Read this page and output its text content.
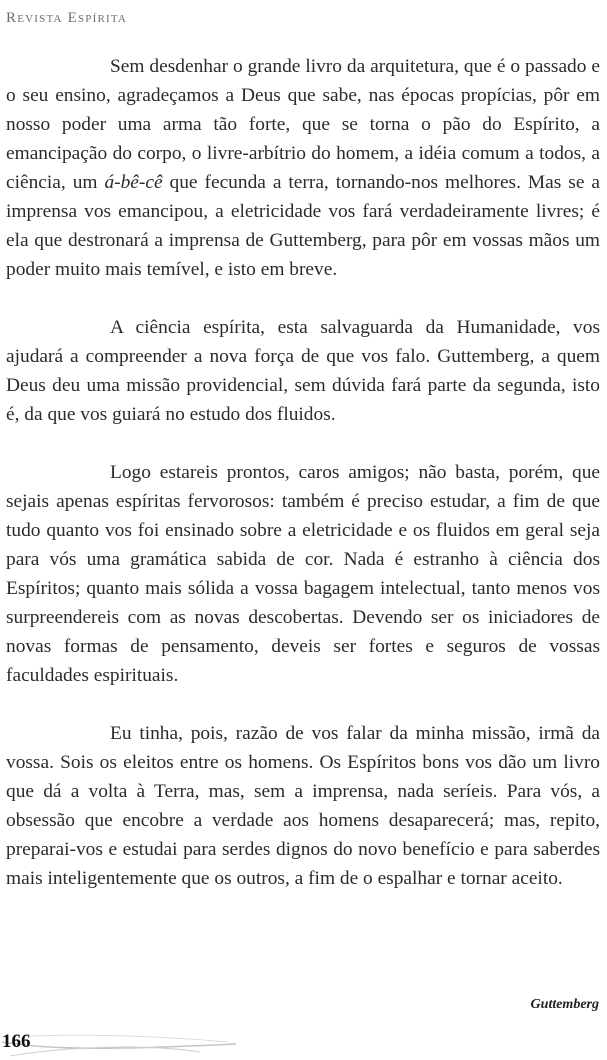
Revista Espírita

Sem desdenhar o grande livro da arquitetura, que é o passado e o seu ensino, agradeçamos a Deus que sabe, nas épocas propícias, pôr em nosso poder uma arma tão forte, que se torna o pão do Espírito, a emancipação do corpo, o livre-arbítrio do homem, a idéia comum a todos, a ciência, um á-bê-cê que fecunda a terra, tornando-nos melhores. Mas se a imprensa vos emancipou, a eletricidade vos fará verdadeiramente livres; é ela que destronará a imprensa de Guttemberg, para pôr em vossas mãos um poder muito mais temível, e isto em breve.

A ciência espírita, esta salvaguarda da Humanidade, vos ajudará a compreender a nova força de que vos falo. Guttemberg, a quem Deus deu uma missão providencial, sem dúvida fará parte da segunda, isto é, da que vos guiará no estudo dos fluidos.

Logo estareis prontos, caros amigos; não basta, porém, que sejais apenas espíritas fervorosos: também é preciso estudar, a fim de que tudo quanto vos foi ensinado sobre a eletricidade e os fluidos em geral seja para vós uma gramática sabida de cor. Nada é estranho à ciência dos Espíritos; quanto mais sólida a vossa bagagem intelectual, tanto menos vos surpreendereis com as novas descobertas. Devendo ser os iniciadores de novas formas de pensamento, deveis ser fortes e seguros de vossas faculdades espirituais.

Eu tinha, pois, razão de vos falar da minha missão, irmã da vossa. Sois os eleitos entre os homens. Os Espíritos bons vos dão um livro que dá a volta à Terra, mas, sem a imprensa, nada seríeis. Para vós, a obsessão que encobre a verdade aos homens desaparecerá; mas, repito, preparai-vos e estudai para serdes dignos do novo benefício e para saberdes mais inteligentemente que os outros, a fim de o espalhar e tornar aceito.

Guttemberg
166
